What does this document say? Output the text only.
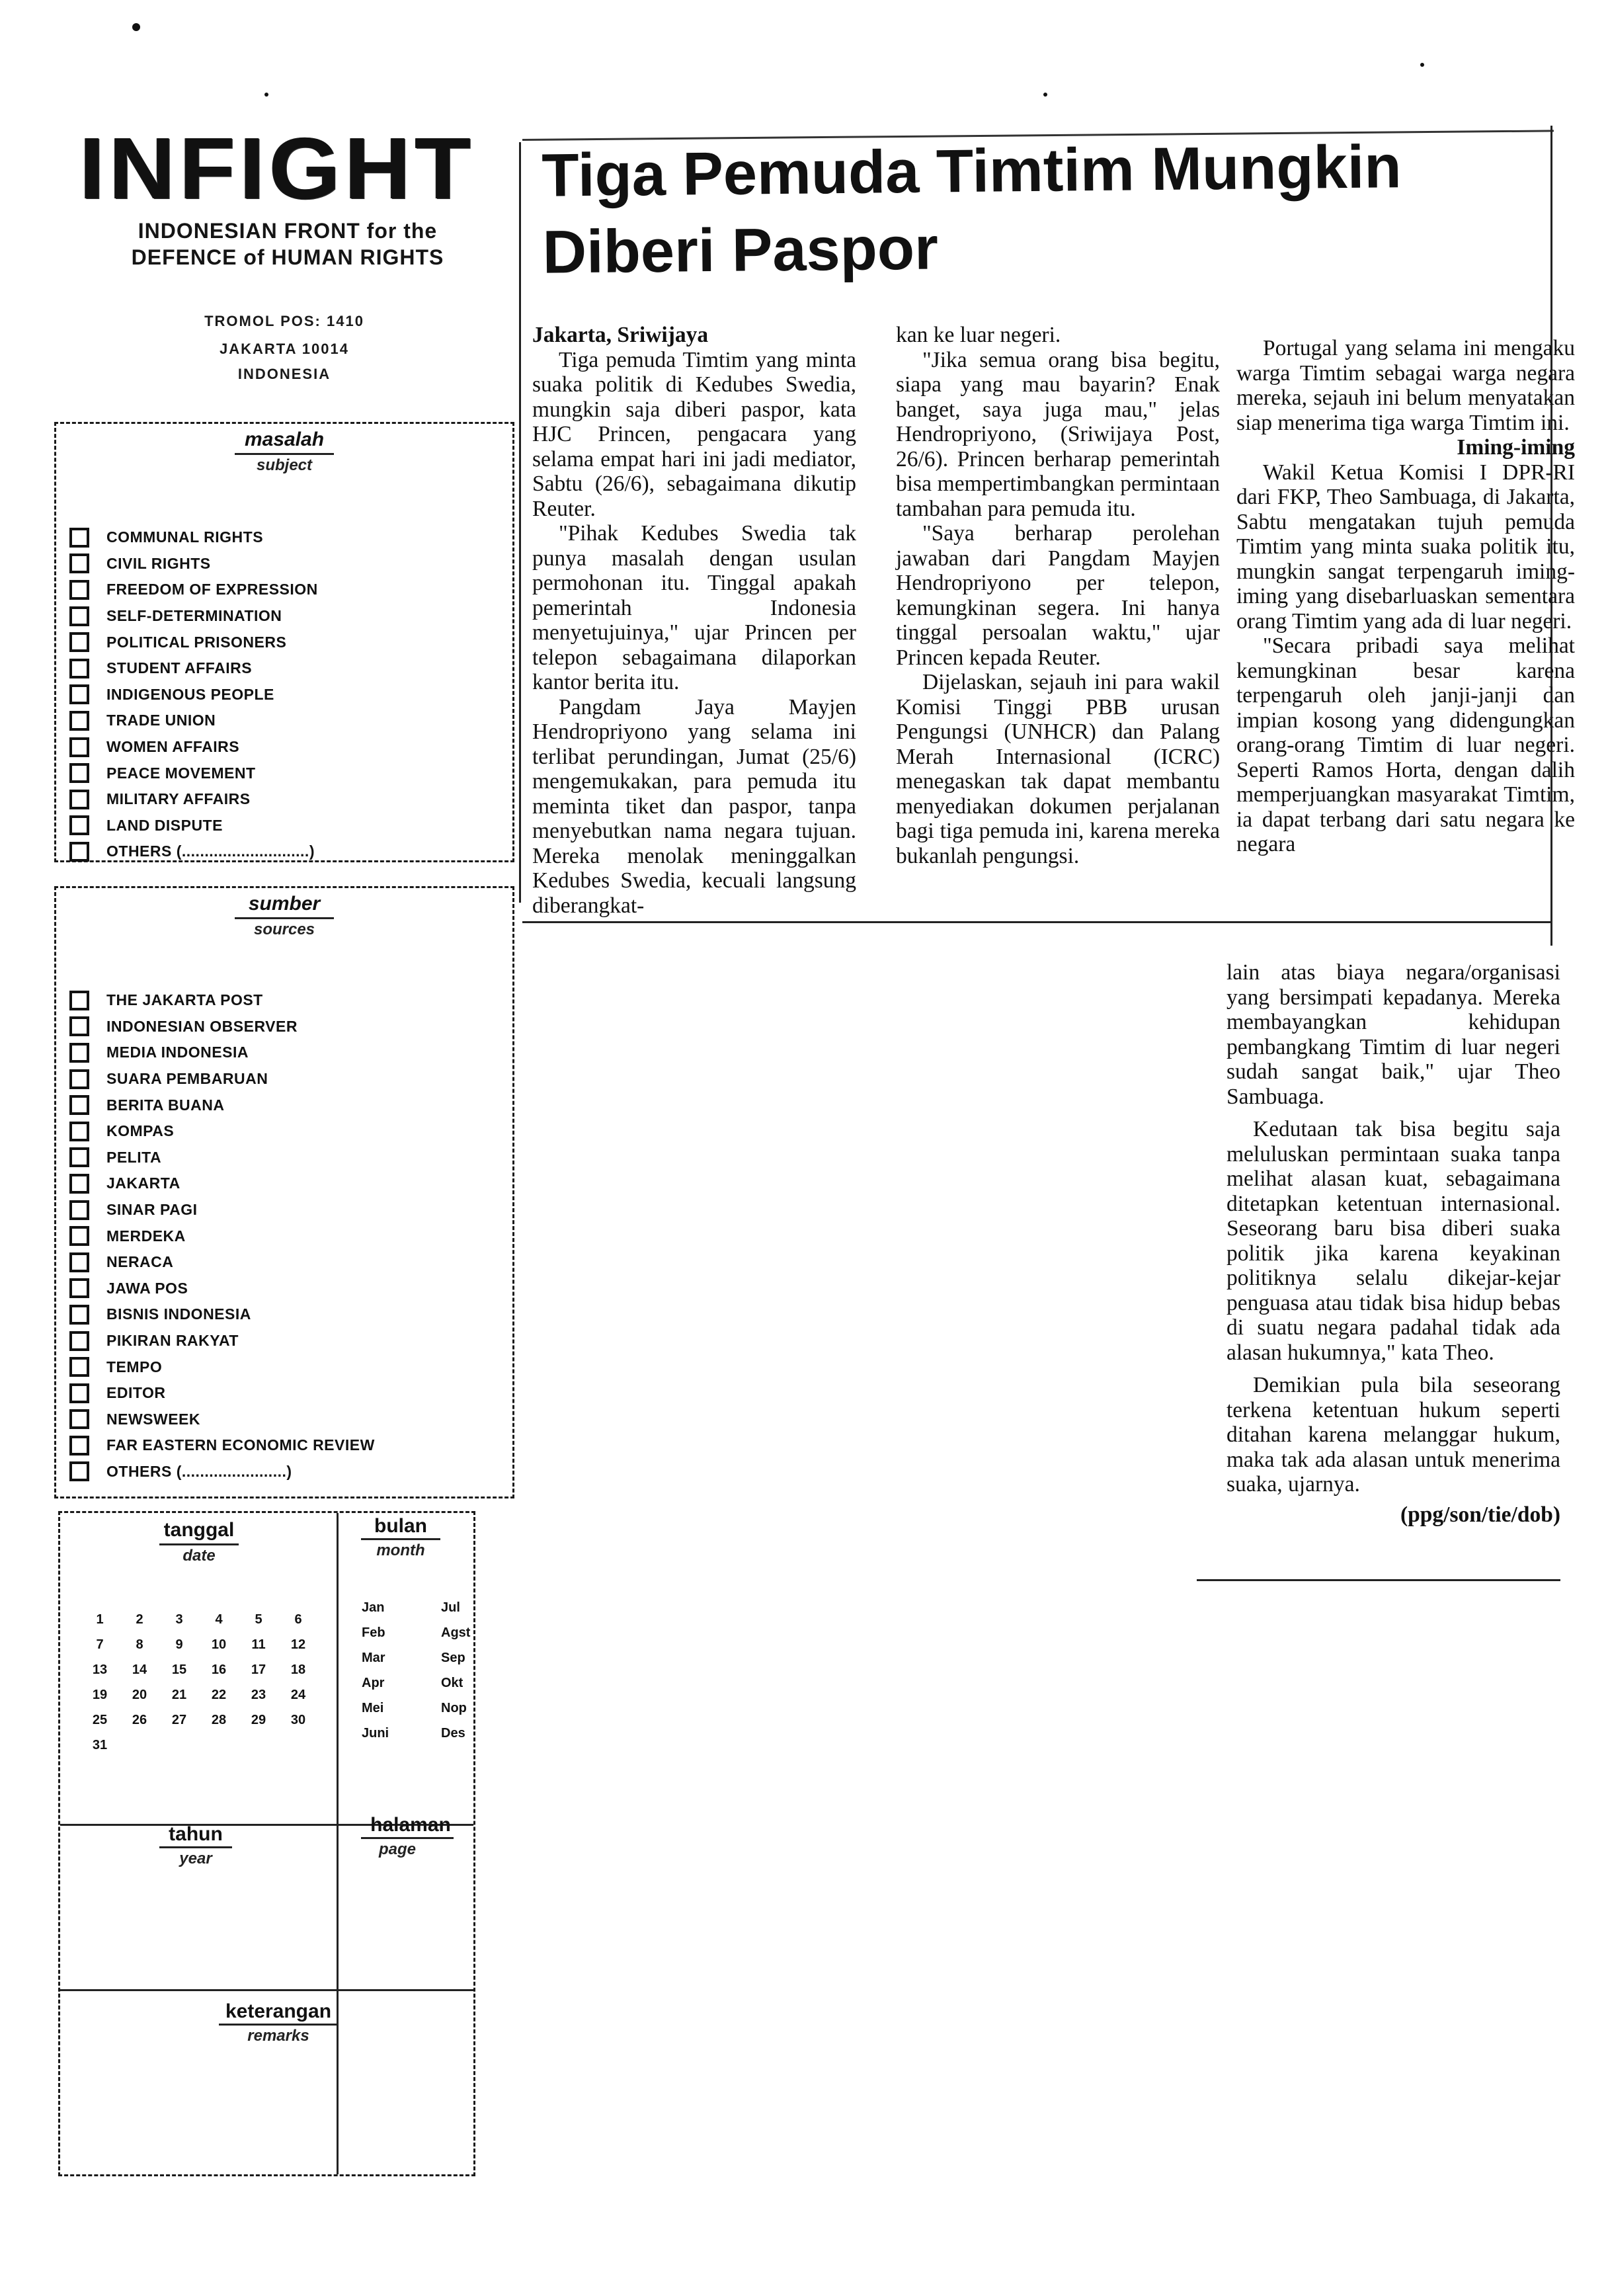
INFIGHT
INDONESIAN FRONT for the
DEFENCE of HUMAN RIGHTS
TROMOL POS: 1410
JAKARTA 10014
INDONESIA
masalah
subject
COMMUNAL RIGHTS
CIVIL RIGHTS
FREEDOM OF EXPRESSION
SELF-DETERMINATION
POLITICAL PRISONERS
STUDENT AFFAIRS
INDIGENOUS PEOPLE
TRADE UNION
WOMEN AFFAIRS
PEACE MOVEMENT
MILITARY AFFAIRS
LAND DISPUTE
OTHERS (............................)
sumber
sources
THE JAKARTA POST
INDONESIAN OBSERVER
MEDIA INDONESIA
SUARA PEMBARUAN
BERITA BUANA
KOMPAS
PELITA
JAKARTA
SINAR PAGI
MERDEKA
NERACA
JAWA POS
BISNIS INDONESIA
PIKIRAN RAKYAT
TEMPO
EDITOR
NEWSWEEK
FAR EASTERN ECONOMIC REVIEW
OTHERS (.......................)
tanggal
date
bulan
month
1	2	3	4	5	6
7	8	9	10	11	12
13	14	15	16	17	18
19	20	21	22	23	24
25	26	27	28	29	30
31
Jan	Jul
Feb	Agst
Mar	Sep
Apr	Okt
Mei	Nop
Juni	Des
tahun
year
halaman
page
keterangan
remarks
Tiga Pemuda Timtim Mungkin
Diberi Paspor

Jakarta, Sriwijaya

Tiga pemuda Timtim yang minta suaka politik di Kedubes Swedia, mungkin saja diberi paspor, kata HJC Princen, pengacara yang selama empat hari ini jadi mediator, Sabtu (26/6), sebagaimana dikutip Reuter.

"Pihak Kedubes Swedia tak punya masalah dengan usulan permohonan itu. Tinggal apakah pemerintah Indonesia menyetujuinya," ujar Princen per telepon sebagaimana dilaporkan kantor berita itu.

Pangdam Jaya Mayjen Hendropriyono yang selama ini terlibat perundingan, Jumat (25/6) mengemukakan, para pemuda itu meminta tiket dan paspor, tanpa menyebutkan nama negara tujuan. Mereka menolak meninggalkan Kedubes Swedia, kecuali langsung diberangkat-

kan ke luar negeri.

"Jika semua orang bisa begitu, siapa yang mau bayarin? Enak banget, saya juga mau," jelas Hendropriyono, (Sriwijaya Post, 26/6). Princen berharap pemerintah bisa mempertimbangkan permintaan tambahan para pemuda itu.

"Saya berharap perolehan jawaban dari Pangdam Mayjen Hendropriyono per telepon, kemungkinan segera. Ini hanya tinggal persoalan waktu," ujar Princen kepada Reuter.

Dijelaskan, sejauh ini para wakil Komisi Tinggi PBB urusan Pengungsi (UNHCR) dan Palang Merah Internasional (ICRC) menegaskan tak dapat membantu menyediakan dokumen perjalanan bagi tiga pemuda ini, karena mereka bukanlah pengungsi.

Portugal yang selama ini mengaku warga Timtim sebagai warga negara mereka, sejauh ini belum menyatakan siap menerima tiga warga Timtim ini.

Iming-iming

Wakil Ketua Komisi I DPR-RI dari FKP, Theo Sambuaga, di Jakarta, Sabtu mengatakan tujuh pemuda Timtim yang minta suaka politik itu, mungkin sangat terpengaruh iming-iming yang disebarluaskan sementara orang Timtim yang ada di luar negeri.

"Secara pribadi saya melihat kemungkinan besar karena terpengaruh oleh janji-janji dan impian kosong yang didengungkan orang-orang Timtim di luar negeri. Seperti Ramos Horta, dengan dalih memperjuangkan masyarakat Timtim, ia dapat terbang dari satu negara ke negara

lain atas biaya negara/organisasi yang bersimpati kepadanya. Mereka membayangkan kehidupan pembangkang Timtim di luar negeri sudah sangat baik," ujar Theo Sambuaga.

Kedutaan tak bisa begitu saja meluluskan permintaan suaka tanpa melihat alasan kuat, sebagaimana ditetapkan ketentuan internasional. Seseorang baru bisa diberi suaka politik jika karena keyakinan politiknya selalu dikejar-kejar penguasa atau tidak bisa hidup bebas di suatu negara padahal tidak ada alasan hukumnya," kata Theo.

Demikian pula bila seseorang terkena ketentuan hukum seperti ditahan karena melanggar hukum, maka tak ada alasan untuk menerima suaka, ujarnya.

(ppg/son/tie/dob)
